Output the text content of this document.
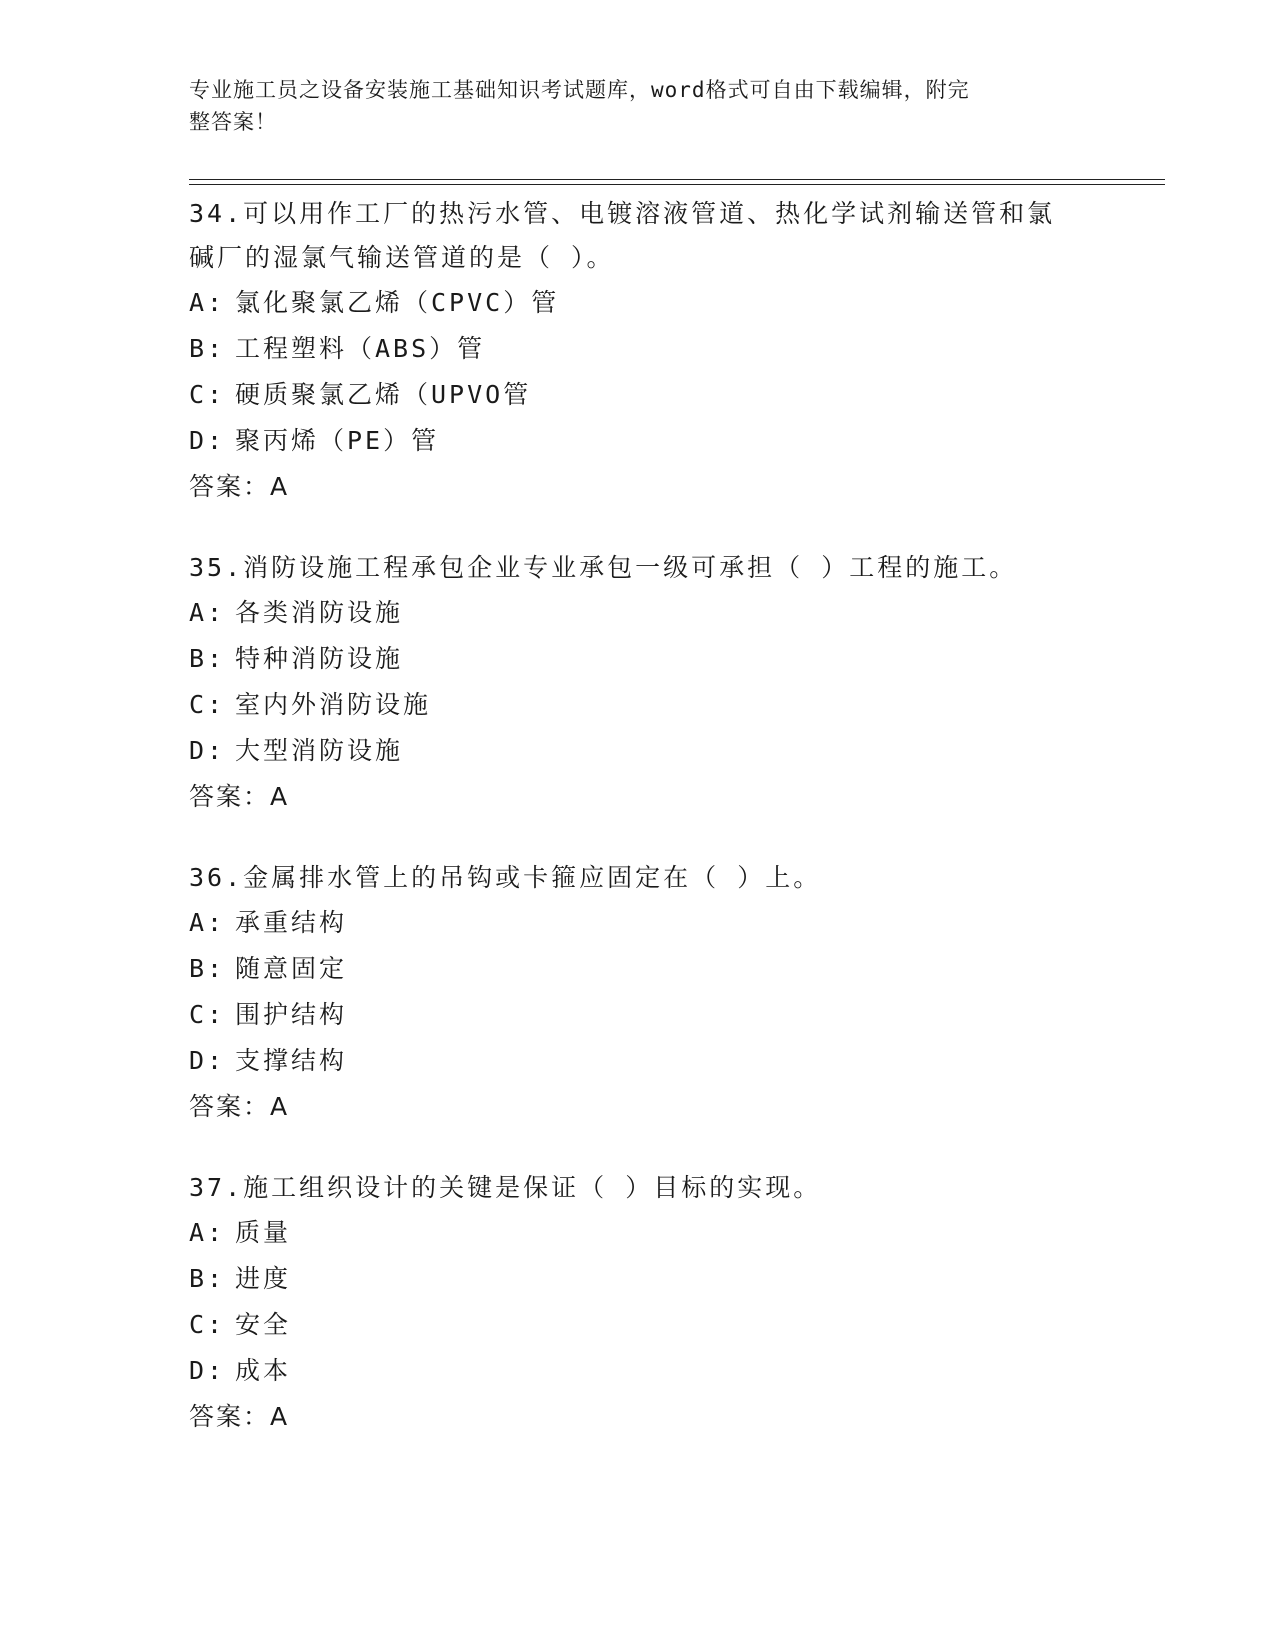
专业施工员之设备安装施工基础知识考试题库，word格式可自由下载编辑，附完
整答案！
34.可以用作工厂的热污水管、电镀溶液管道、热化学试剂输送管和氯
碱厂的湿氯气输送管道的是（ ）。
A: 氯化聚氯乙烯（CPVC）管
B: 工程塑料（ABS）管
C: 硬质聚氯乙烯（UPVO管
D: 聚丙烯（PE）管
答案：A
35.消防设施工程承包企业专业承包一级可承担（ ）工程的施工。
A: 各类消防设施
B: 特种消防设施
C: 室内外消防设施
D: 大型消防设施
答案：A
36.金属排水管上的吊钩或卡箍应固定在（ ）上。
A: 承重结构
B: 随意固定
C: 围护结构
D: 支撑结构
答案：A
37.施工组织设计的关键是保证（ ）目标的实现。
A: 质量
B: 进度
C: 安全
D: 成本
答案：A
